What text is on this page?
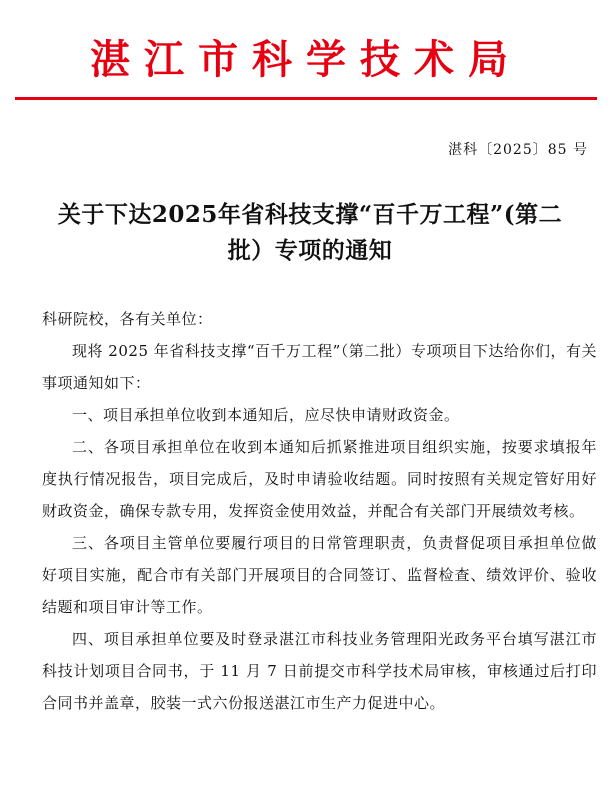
湛江市科学技术局
湛科〔2025〕85 号
关于下达2025年省科技支撑“百千万工程”(第二
批）专项的通知

科研院校，各有关单位：

现将 2025 年省科技支撑“百千万工程”（第二批）专项项目下达给你们，有关事项通知如下：

一、项目承担单位收到本通知后，应尽快申请财政资金。

二、各项目承担单位在收到本通知后抓紧推进项目组织实施，按要求填报年度执行情况报告，项目完成后，及时申请验收结题。同时按照有关规定管好用好财政资金，确保专款专用，发挥资金使用效益，并配合有关部门开展绩效考核。

三、各项目主管单位要履行项目的日常管理职责，负责督促项目承担单位做好项目实施，配合市有关部门开展项目的合同签订、监督检查、绩效评价、验收结题和项目审计等工作。

四、项目承担单位要及时登录湛江市科技业务管理阳光政务平台填写湛江市科技计划项目合同书，于 11 月 7 日前提交市科学技术局审核，审核通过后打印合同书并盖章，胶装一式六份报送湛江市生产力促进中心。
